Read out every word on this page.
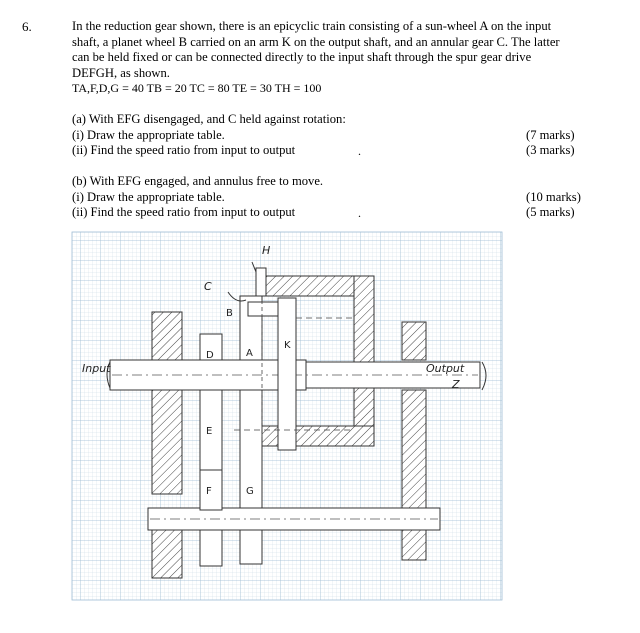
6.	In the reduction gear shown, there is an epicyclic train consisting of a sun-wheel A on the input

shaft, a planet wheel B carried on an arm K on the output shaft, and an annular gear C. The latter

can be held fixed or can be connected directly to the input shaft through the spur gear drive

DEFGH, as shown.

TA,F,D,G = 40 TB = 20 TC = 80 TE = 30 TH = 100

(a) With EFG disengaged, and C held against rotation:
(i) Draw the appropriate table.	(7 marks)
(ii) Find the speed ratio from input to output	(3 marks)
.
(b) With EFG engaged, and annulus free to move.
(i) Draw the appropriate table.	(10 marks)
(ii) Find the speed ratio from input to output	(5 marks)
.
H
C
B
A
K
D
E
F	G
Input	Output
Z
